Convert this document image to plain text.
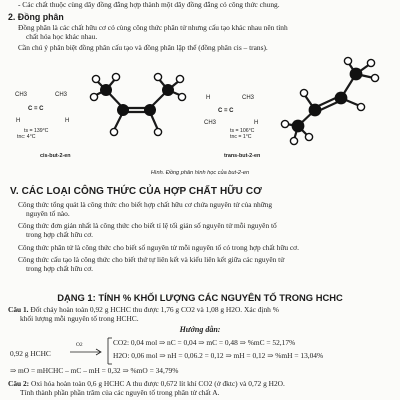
- Các chất thuộc cùng dãy đồng đẳng hợp thành một dãy đồng đẳng có công thức chung.
2. Đồng phân
Đồng phân là các chất hữu cơ có cùng công thức phân tử nhưng cấu tạo khác nhau nên tính
chất hóa học khác nhau.
Cần chú ý phân biệt đồng phân cấu tạo và đồng phân lập thể (đồng phân cis – trans).
CH3	CH3
C = C
H	H
ts = 139°C
tnc: 4°C
H	CH3
C = C
CH3	H
ts = 106°C
tnc = 1°C
cis-but-2-en	trans-but-2-en
Hình. Đồng phân hình học của but-2-en
V. CÁC LOẠI CÔNG THỨC CỦA HỢP CHẤT HỮU CƠ
Công thức tổng quát là công thức cho biết hợp chất hữu cơ chứa nguyên tử của những
nguyên tố nào.
Công thức đơn giản nhất là công thức cho biết tỉ lệ tối giản số nguyên tử mỗi nguyên tố
trong hợp chất hữu cơ.
Công thức phân tử là công thức cho biết số nguyên tử mỗi nguyên tố có trong hợp chất hữu cơ.
Công thức cấu tạo là công thức cho biết thứ tự liên kết và kiểu liên kết giữa các nguyên tử
trong hợp chất hữu cơ.
DẠNG 1: TÍNH % KHỐI LƯỢNG CÁC NGUYÊN TỐ TRONG HCHC
Câu 1. Đốt cháy hoàn toàn 0,92 g HCHC thu được 1,76 g CO2 và 1,08 g H2O. Xác định %
khối lượng mỗi nguyên tố trong HCHC.
Hướng dẫn:
0,92 g HCHC
O2	CO2: 0,04 mol ⇒ nC = 0,04 ⇒ mC = 0,48 ⇒ %mC = 52,17%
H2O: 0,06 mol ⇒ nH = 0,06.2 = 0,12 ⇒ mH = 0,12 ⇒ %mH = 13,04%
⇒ mO = mHCHC – mC – mH = 0,32 ⇒ %mO = 34,79%
Câu 2: Oxi hóa hoàn toàn 0,6 g HCHC A thu được 0,672 lít khí CO2 (ở đktc) và 0,72 g H2O.
Tính thành phần phần trăm của các nguyên tố trong phân tử chất A.
